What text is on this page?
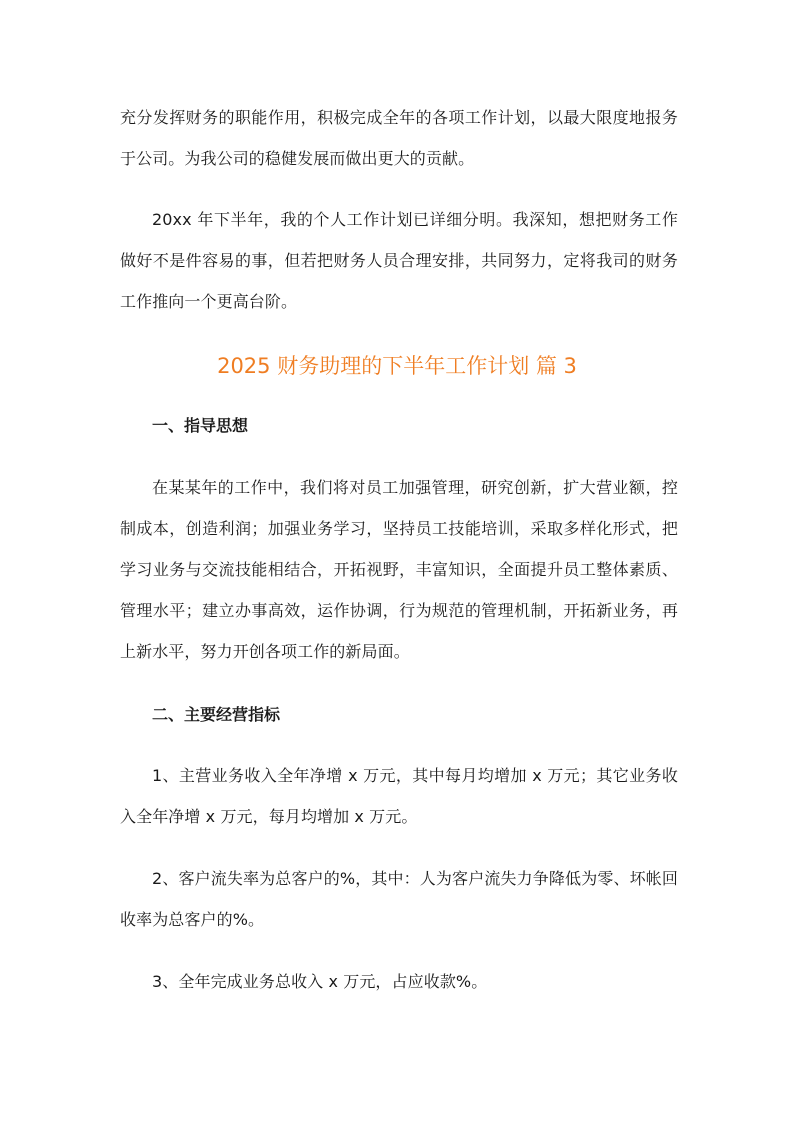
充分发挥财务的职能作用，积极完成全年的各项工作计划，以最大限度地报务于公司。为我公司的稳健发展而做出更大的贡献。

20xx 年下半年，我的个人工作计划已详细分明。我深知，想把财务工作做好不是件容易的事，但若把财务人员合理安排，共同努力，定将我司的财务工作推向一个更高台阶。

2025 财务助理的下半年工作计划 篇 3
一、指导思想

在某某年的工作中，我们将对员工加强管理，研究创新，扩大营业额，控制成本，创造利润；加强业务学习，坚持员工技能培训，采取多样化形式，把学习业务与交流技能相结合，开拓视野，丰富知识，全面提升员工整体素质、管理水平；建立办事高效，运作协调，行为规范的管理机制，开拓新业务，再上新水平，努力开创各项工作的新局面。

二、主要经营指标

1、主营业务收入全年净增 x 万元，其中每月均增加 x 万元；其它业务收入全年净增 x 万元，每月均增加 x 万元。

2、客户流失率为总客户的%，其中：人为客户流失力争降低为零、坏帐回收率为总客户的%。

3、全年完成业务总收入 x 万元，占应收款%。
